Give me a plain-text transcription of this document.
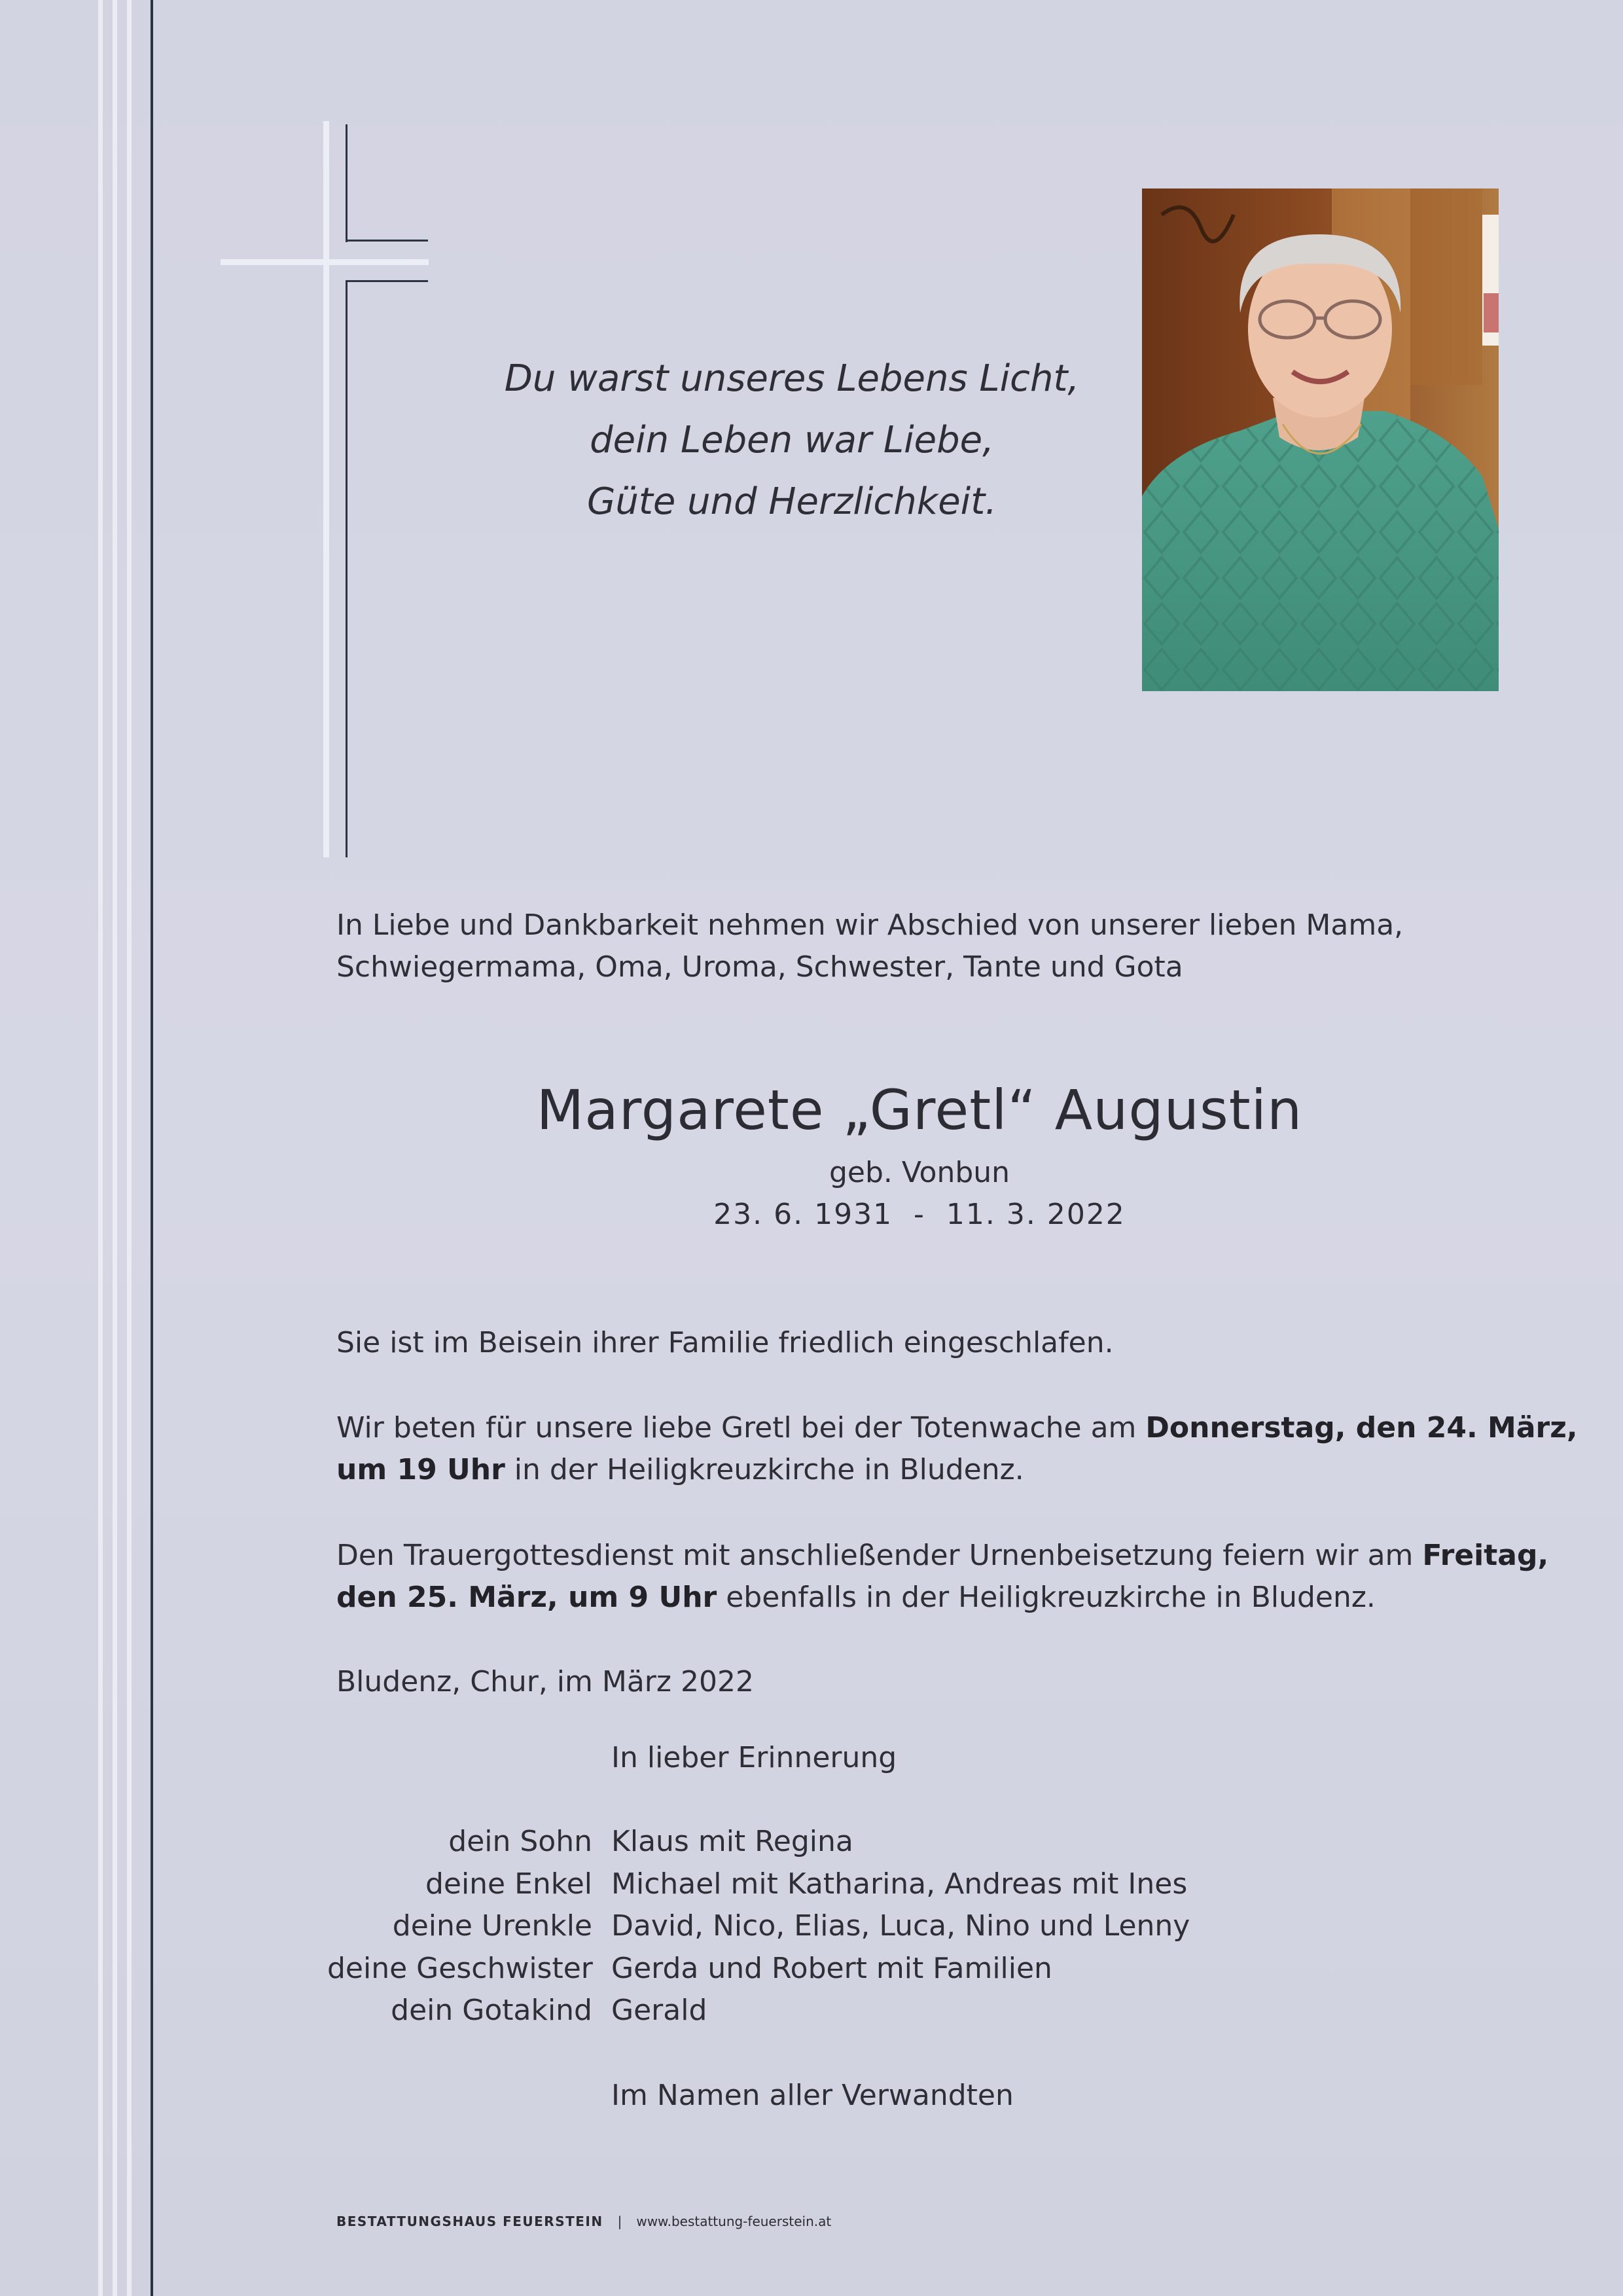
Du warst unseres Lebens Licht,
dein Leben war Liebe,
Güte und Herzlichkeit.
In Liebe und Dankbarkeit nehmen wir Abschied von unserer lieben Mama,
Schwiegermama, Oma, Uroma, Schwester, Tante und Gota
Margarete „Gretl“ Augustin
geb. Vonbun
23. 6. 1931  -  11. 3. 2022
Sie ist im Beisein ihrer Familie friedlich eingeschlafen.
Wir beten für unsere liebe Gretl bei der Totenwache am Donnerstag, den 24. März,
um 19 Uhr in der Heiligkreuzkirche in Bludenz.
Den Trauergottesdienst mit anschließender Urnenbeisetzung feiern wir am Freitag,
den 25. März, um 9 Uhr ebenfalls in der Heiligkreuzkirche in Bludenz.
Bludenz, Chur, im März 2022
In lieber Erinnerung
dein Sohn Klaus mit Regina
deine Enkel Michael mit Katharina, Andreas mit Ines
deine Urenkle David, Nico, Elias, Luca, Nino und Lenny
deine Geschwister Gerda und Robert mit Familien
dein Gotakind Gerald
Im Namen aller Verwandten
BESTATTUNGSHAUS FEUERSTEIN | www.bestattung-feuerstein.at
